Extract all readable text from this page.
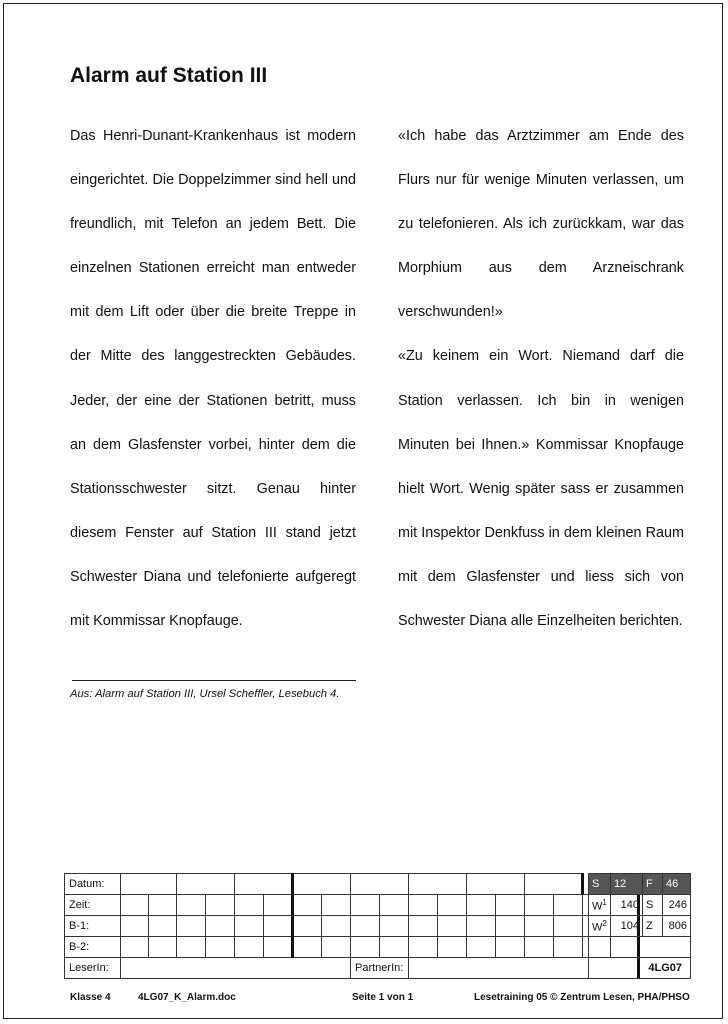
Alarm auf Station III

Das Henri-Dunant-Krankenhaus ist modern eingerichtet. Die Doppelzimmer sind hell und freundlich, mit Telefon an jedem Bett. Die einzelnen Stationen erreicht man entweder mit dem Lift oder über die breite Treppe in der Mitte des langgestreckten Gebäudes. Jeder, der eine der Stationen betritt, muss an dem Glasfenster vorbei, hinter dem die Stationsschwester sitzt. Genau hinter diesem Fenster auf Station III stand jetzt Schwester Diana und telefonierte aufgeregt mit Kommissar Knopfauge.

«Ich habe das Arztzimmer am Ende des Flurs nur für wenige Minuten verlassen, um zu telefonieren. Als ich zurückkam, war das Morphium aus dem Arzneischrank verschwunden!»

«Zu keinem ein Wort. Niemand darf die Station verlassen. Ich bin in wenigen Minuten bei Ihnen.» Kommissar Knopfauge hielt Wort. Wenig später sass er zusammen mit Inspektor Denkfuss in dem kleinen Raum mit dem Glasfenster und liess sich von Schwester Diana alle Einzelheiten berichten.

Aus: Alarm auf Station III, Ursel Scheffler, Lesebuch 4.
Datum:																		
Zeit:																		
B-1:																		
B-2:																		
LeserIn:									PartnerIn:									
S	12	F	46
$W^1$	140	S	246
$W^2$	104	Z	806

4LG07			
Klasse 4	4LG07_K_Alarm.doc	Seite 1 von 1	Lesetraining 05 © Zentrum Lesen, PHA/PHSO
